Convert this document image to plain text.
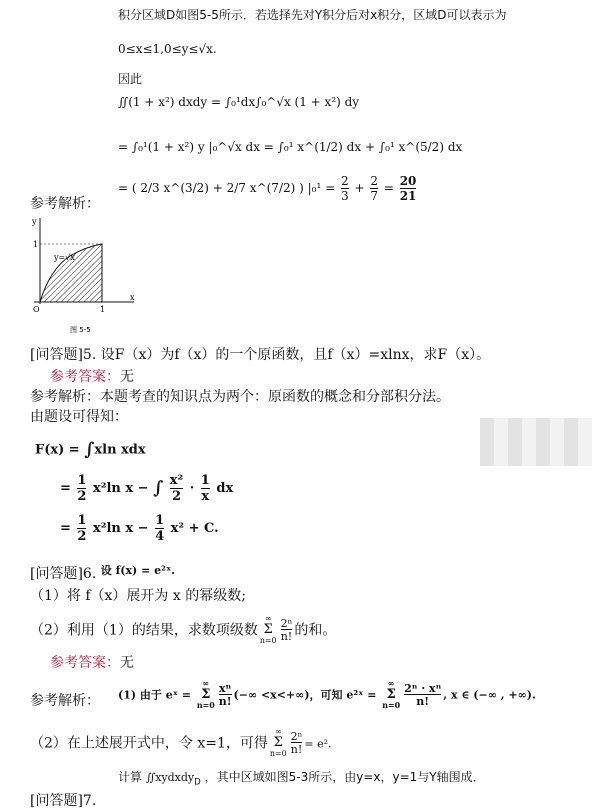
积分区域D如图5-5所示．若选择先对Y积分后对x积分，区域D可以表示为
0≤x≤1,0≤y≤√x.
因此
∬(1 + x²) dxdy = ∫₀¹dx∫₀^√x (1 + x²) dy
= ∫₀¹(1 + x²) y |₀^√x dx = ∫₀¹ x^(1/2) dx + ∫₀¹ x^(5/2) dx
= ( 2/3 x^(3/2) + 2/7 x^(7/2) ) $|_0^1 = \frac{2}{3} + \frac{2}{7} = \frac{20}{21}$
参考解析：
y=√x
y
x
1
1
O
图 5-5
[问答题]5. 设F（x）为f（x）的一个原函数，且f（x）=xlnx，求F（x）。
参考答案：无
参考解析：本题考查的知识点为两个：原函数的概念和分部积分法。
由题设可得知：
F(x) = ∫xln xdx
= $\frac{1}{2} x^2\ln$ x − ∫ $\frac{\text{x²}}{2} \cdot \frac{1}{x}$ dx
= $\frac{1}{2} x^2\ln$ $x - \frac{1}{4} x^2 + C$.
[问答题]6. $^{设 f(x) = e^2ˣ.}$
（1）将 f（x）展开为 x 的幂级数;
（2）利用（1）的结果，求数项级数
∞
Σ
$n=0 \frac{\text{2ⁿ}}{n!}$ 的和。
参考答案：无
参考解析： (1) 由于 eˣ =
∞
Σ
$n=0 \frac{\text{xⁿ}}{n!}$ (−∞ <x<+∞)，可知 e²ˣ =
∞
Σ
$n=0 \frac{\text{2ⁿ · xⁿ}}{n!}$ , x ∈ (−∞ , +∞).
（2）在上述展开式中，令 x=1，可得
∞
Σ
$n=0 \frac{\text{2ⁿ}}{n!} = e^2$.
计算 ∬xydxdy$_D$ ，其中区域如图5-3所示，由y=x，y=1与Y轴围成．
[问答题]7.
